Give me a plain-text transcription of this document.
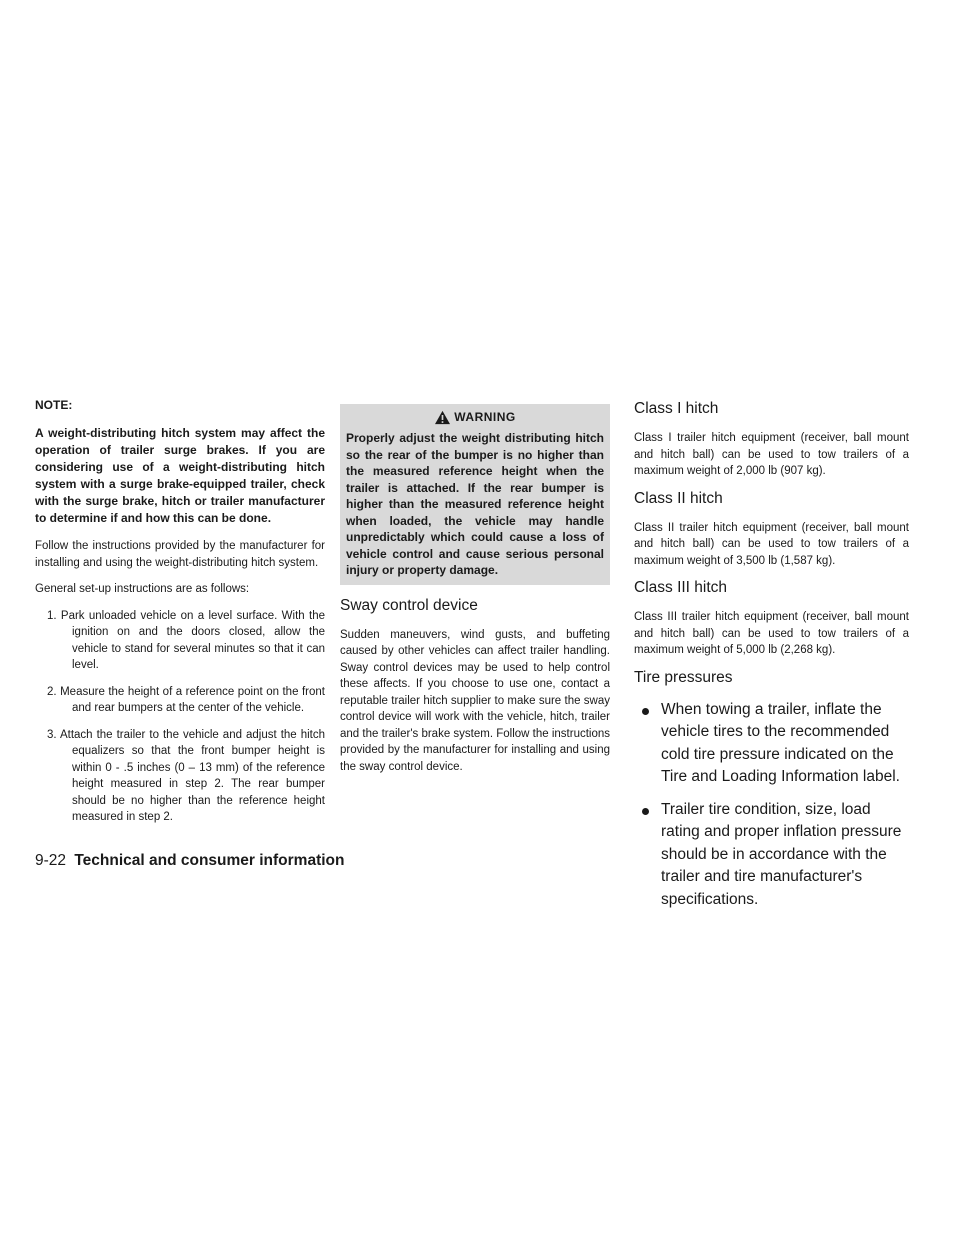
NOTE:

A weight-distributing hitch system may affect the operation of trailer surge brakes. If you are considering use of a weight-distributing hitch system with a surge brake-equipped trailer, check with the surge brake, hitch or trailer manufacturer to determine if and how this can be done.

Follow the instructions provided by the manufacturer for installing and using the weight-distributing hitch system.

General set-up instructions are as follows:

1. Park unloaded vehicle on a level surface. With the ignition on and the doors closed, allow the vehicle to stand for several minutes so that it can level.
2. Measure the height of a reference point on the front and rear bumpers at the center of the vehicle.
3. Attach the trailer to the vehicle and adjust the hitch equalizers so that the front bumper height is within 0 - .5 inches (0 – 13 mm) of the reference height measured in step 2. The rear bumper should be no higher than the reference height measured in step 2.
WARNING

Properly adjust the weight distributing hitch so the rear of the bumper is no higher than the measured reference height when the trailer is attached. If the rear bumper is higher than the measured reference height when loaded, the vehicle may handle unpredictably which could cause a loss of vehicle control and cause serious personal injury or property damage.

Sway control device

Sudden maneuvers, wind gusts, and buffeting caused by other vehicles can affect trailer handling. Sway control devices may be used to help control these affects. If you choose to use one, contact a reputable trailer hitch supplier to make sure the sway control device will work with the vehicle, hitch, trailer and the trailer's brake system. Follow the instructions provided by the manufacturer for installing and using the sway control device.

Class I hitch

Class I trailer hitch equipment (receiver, ball mount and hitch ball) can be used to tow trailers of a maximum weight of 2,000 lb (907 kg).

Class II hitch

Class II trailer hitch equipment (receiver, ball mount and hitch ball) can be used to tow trailers of a maximum weight of 3,500 lb (1,587 kg).

Class III hitch

Class III trailer hitch equipment (receiver, ball mount and hitch ball) can be used to tow trailers of a maximum weight of 5,000 lb (2,268 kg).

Tire pressures
When towing a trailer, inflate the vehicle tires to the recommended cold tire pressure indicated on the Tire and Loading Information label.
Trailer tire condition, size, load rating and proper inflation pressure should be in accordance with the trailer and tire manufacturer's specifications.
9-22 Technical and consumer information
